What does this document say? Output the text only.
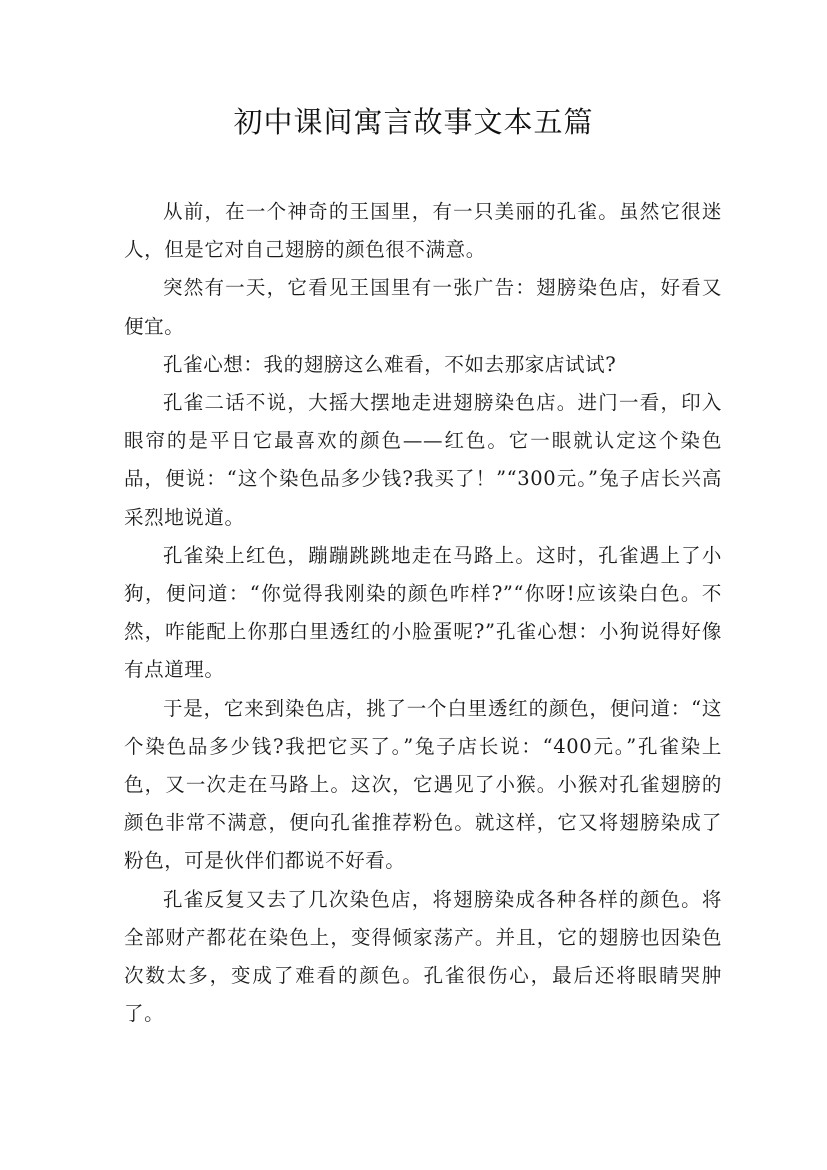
初中课间寓言故事文本五篇

从前，在一个神奇的王国里，有一只美丽的孔雀。虽然它很迷人，但是它对自己翅膀的颜色很不满意。

突然有一天，它看见王国里有一张广告：翅膀染色店，好看又便宜。

孔雀心想：我的翅膀这么难看，不如去那家店试试?

孔雀二话不说，大摇大摆地走进翅膀染色店。进门一看，印入眼帘的是平日它最喜欢的颜色——红色。它一眼就认定这个染色品，便说：“这个染色品多少钱?我买了！”“300元。”兔子店长兴高采烈地说道。

孔雀染上红色，蹦蹦跳跳地走在马路上。这时，孔雀遇上了小狗，便问道：“你觉得我刚染的颜色咋样?”“你呀!应该染白色。不然，咋能配上你那白里透红的小脸蛋呢?”孔雀心想：小狗说得好像有点道理。

于是，它来到染色店，挑了一个白里透红的颜色，便问道：“这个染色品多少钱?我把它买了。”兔子店长说：“400元。”孔雀染上色，又一次走在马路上。这次，它遇见了小猴。小猴对孔雀翅膀的颜色非常不满意，便向孔雀推荐粉色。就这样，它又将翅膀染成了粉色，可是伙伴们都说不好看。

孔雀反复又去了几次染色店，将翅膀染成各种各样的颜色。将全部财产都花在染色上，变得倾家荡产。并且，它的翅膀也因染色次数太多，变成了难看的颜色。孔雀很伤心，最后还将眼睛哭肿了。
